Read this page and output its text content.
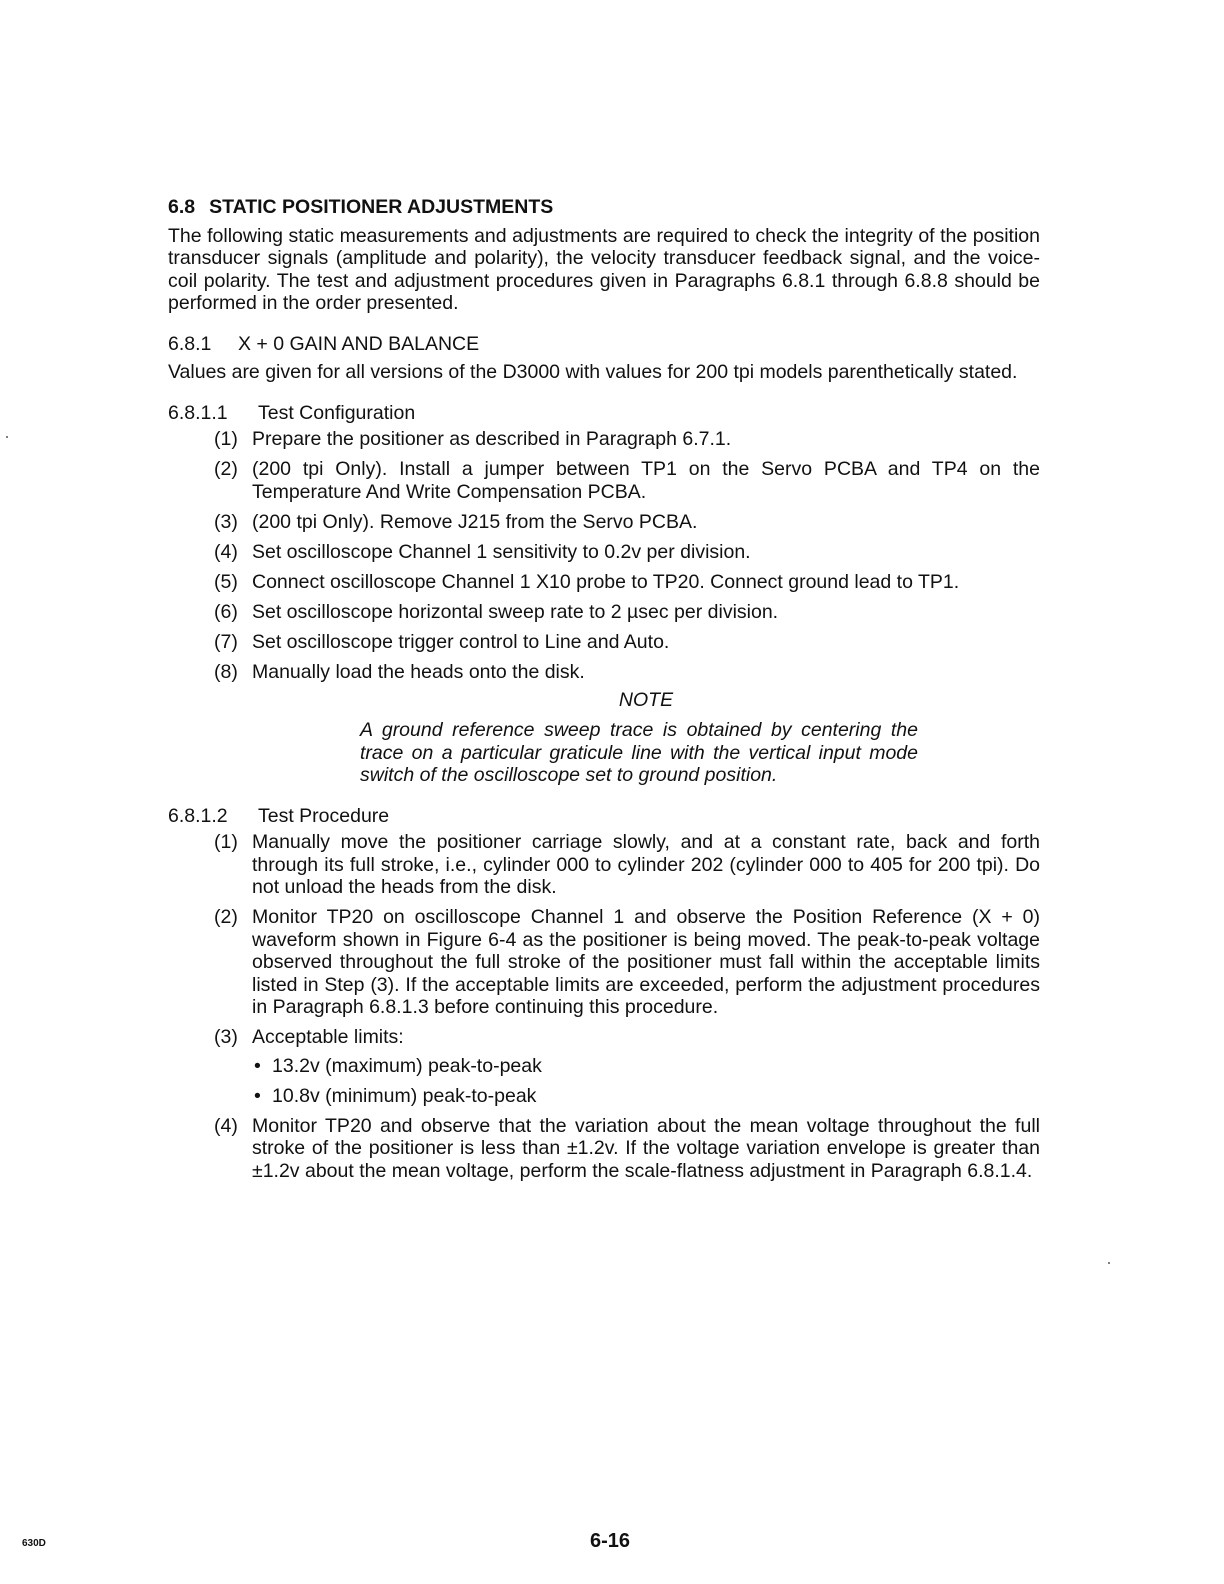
6.8 STATIC POSITIONER ADJUSTMENTS

The following static measurements and adjustments are required to check the integrity of the position transducer signals (amplitude and polarity), the velocity transducer feedback signal, and the voice-coil polarity. The test and adjustment procedures given in Paragraphs 6.8.1 through 6.8.8 should be performed in the order presented.

6.8.1 X + 0 GAIN AND BALANCE

Values are given for all versions of the D3000 with values for 200 tpi models parenthetically stated.

6.8.1.1 Test Configuration
(1) Prepare the positioner as described in Paragraph 6.7.1.
(2) (200 tpi Only). Install a jumper between TP1 on the Servo PCBA and TP4 on the Temperature And Write Compensation PCBA.
(3) (200 tpi Only). Remove J215 from the Servo PCBA.
(4) Set oscilloscope Channel 1 sensitivity to 0.2v per division.
(5) Connect oscilloscope Channel 1 X10 probe to TP20. Connect ground lead to TP1.
(6) Set oscilloscope horizontal sweep rate to 2 µsec per division.
(7) Set oscilloscope trigger control to Line and Auto.
(8) Manually load the heads onto the disk.
NOTE
A ground reference sweep trace is obtained by centering the trace on a particular graticule line with the vertical input mode switch of the oscilloscope set to ground position.
6.8.1.2 Test Procedure
(1) Manually move the positioner carriage slowly, and at a constant rate, back and forth through its full stroke, i.e., cylinder 000 to cylinder 202 (cylinder 000 to 405 for 200 tpi). Do not unload the heads from the disk.
(2) Monitor TP20 on oscilloscope Channel 1 and observe the Position Reference (X + 0) waveform shown in Figure 6-4 as the positioner is being moved. The peak-to-peak voltage observed throughout the full stroke of the positioner must fall within the acceptable limits listed in Step (3). If the acceptable limits are exceeded, perform the adjustment procedures in Paragraph 6.8.1.3 before continuing this procedure.
(3) Acceptable limits:
• 13.2v (maximum) peak-to-peak
• 10.8v (minimum) peak-to-peak
(4) Monitor TP20 and observe that the variation about the mean voltage throughout the full stroke of the positioner is less than ±1.2v. If the voltage variation envelope is greater than ±1.2v about the mean voltage, perform the scale-flatness adjustment in Paragraph 6.8.1.4.
6-16
630D
